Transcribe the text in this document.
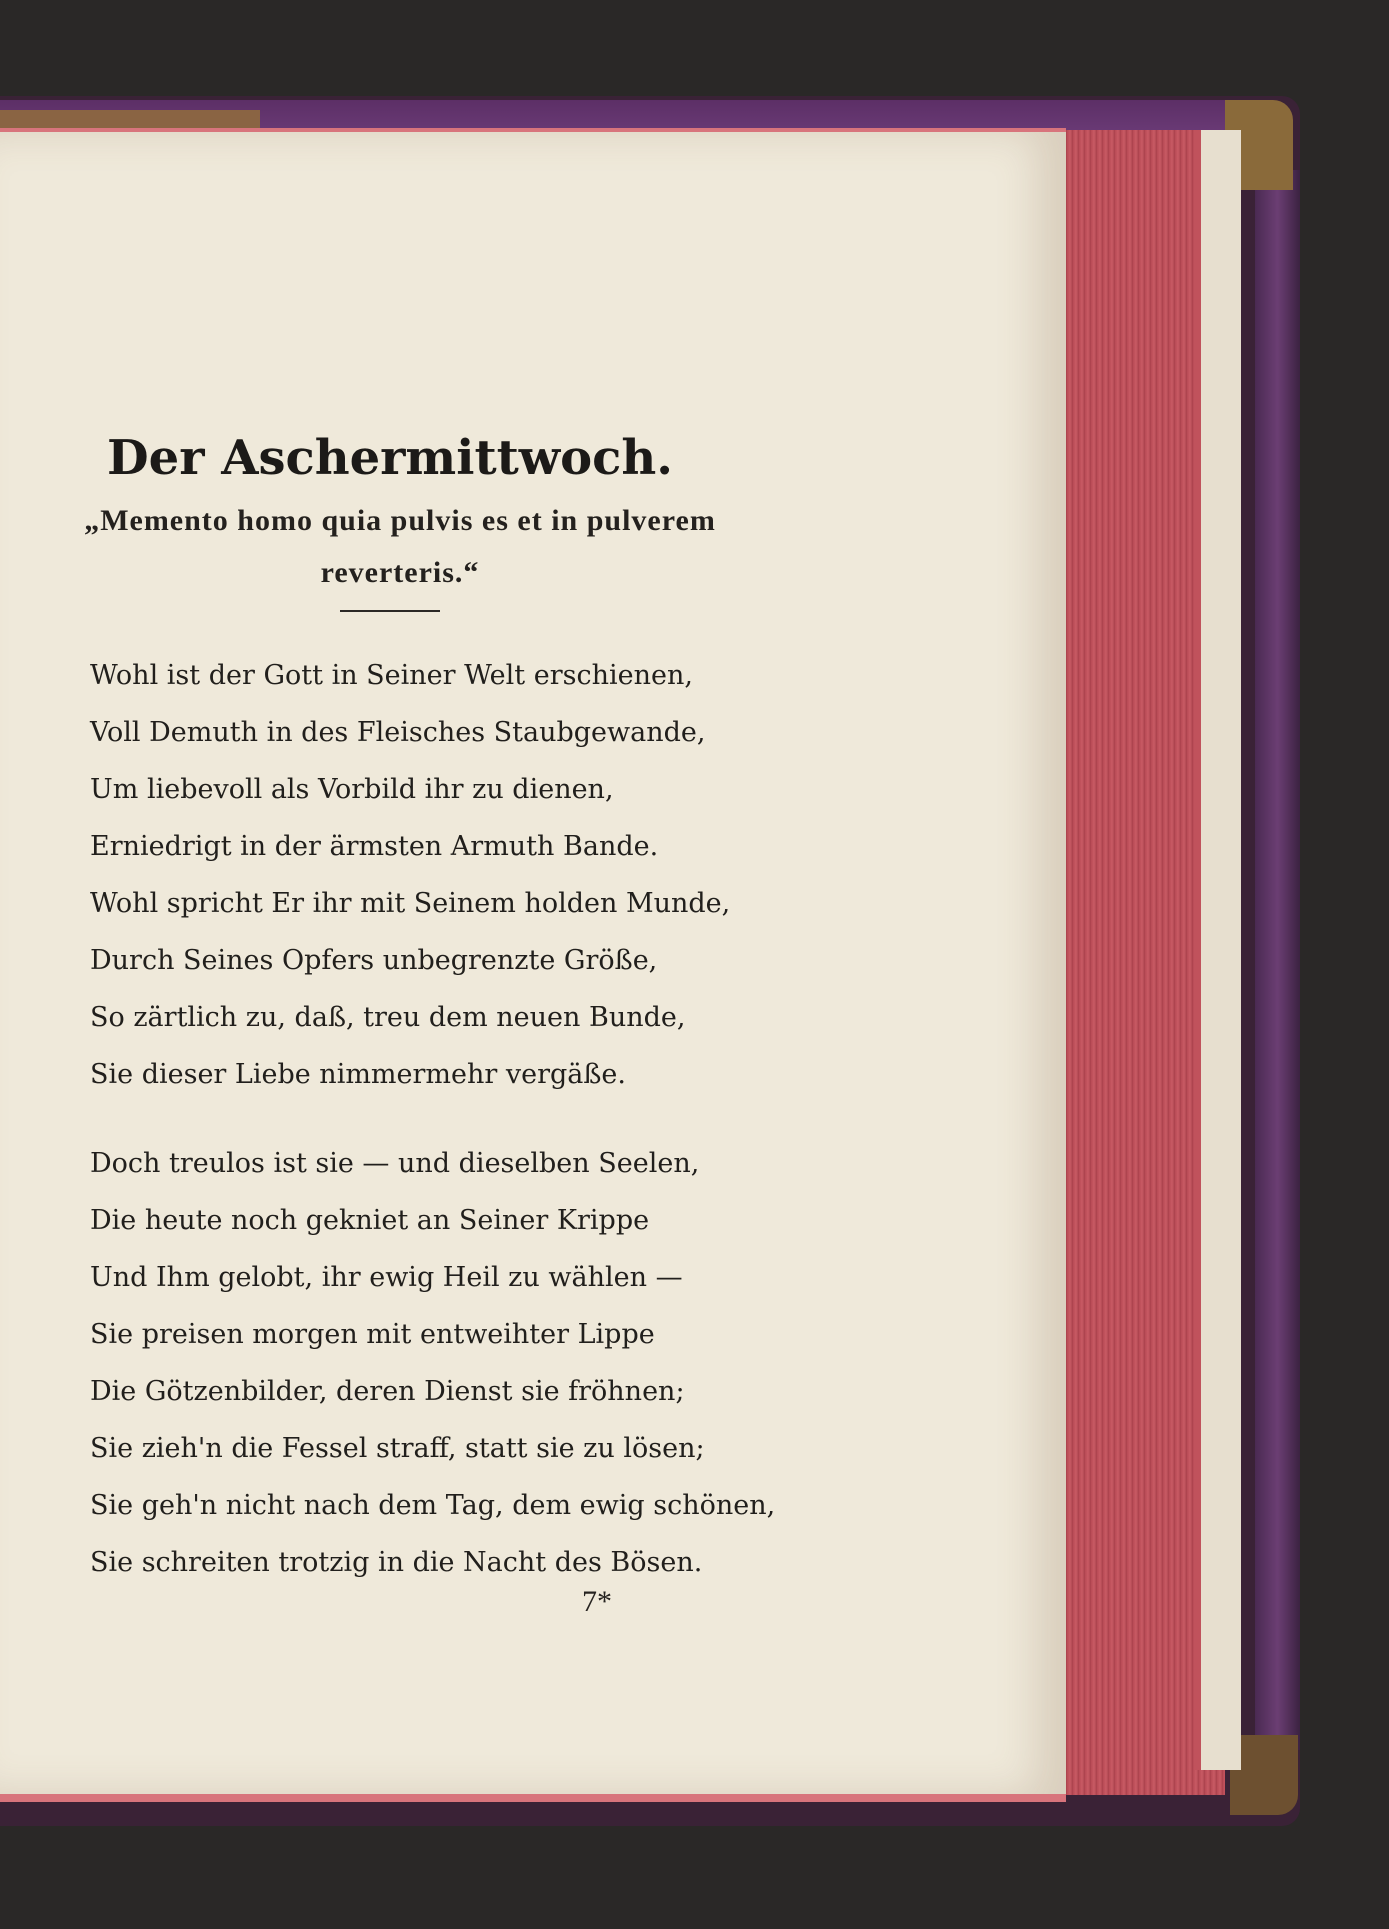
Der Aschermittwoch.
„Memento homo quia pulvis es et in pulverem
reverteris.“
Wohl ist der Gott in Seiner Welt erschienen,
Voll Demuth in des Fleisches Staubgewande,
Um liebevoll als Vorbild ihr zu dienen,
Erniedrigt in der ärmsten Armuth Bande.
Wohl spricht Er ihr mit Seinem holden Munde,
Durch Seines Opfers unbegrenzte Größe,
So zärtlich zu, daß, treu dem neuen Bunde,
Sie dieser Liebe nimmermehr vergäße.
Doch treulos ist sie — und dieselben Seelen,
Die heute noch gekniet an Seiner Krippe
Und Ihm gelobt, ihr ewig Heil zu wählen —
Sie preisen morgen mit entweihter Lippe
Die Götzenbilder, deren Dienst sie fröhnen;
Sie zieh'n die Fessel straff, statt sie zu lösen;
Sie geh'n nicht nach dem Tag, dem ewig schönen,
Sie schreiten trotzig in die Nacht des Bösen.
7*
